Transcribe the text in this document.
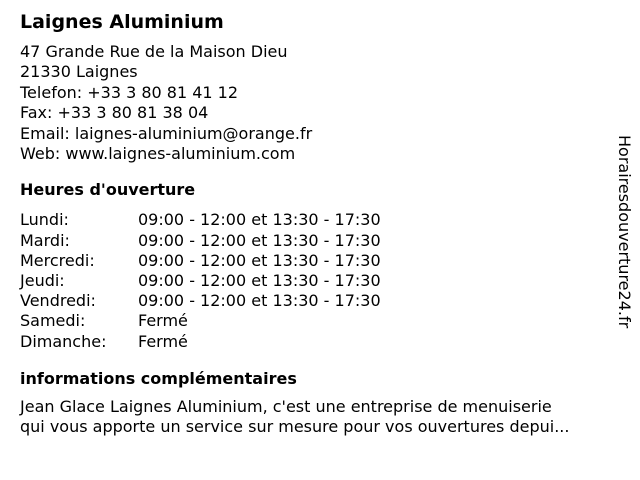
Laignes Aluminium
47 Grande Rue de la Maison Dieu
21330 Laignes
Telefon: +33 3 80 81 41 12
Fax: +33 3 80 81 38 04
Email: laignes-aluminium@orange.fr
Web: www.laignes-aluminium.com
Heures d'ouverture
Lundi:	09:00 - 12:00 et 13:30 - 17:30
Mardi:	09:00 - 12:00 et 13:30 - 17:30
Mercredi:	09:00 - 12:00 et 13:30 - 17:30
Jeudi:	09:00 - 12:00 et 13:30 - 17:30
Vendredi:	09:00 - 12:00 et 13:30 - 17:30
Samedi:	Fermé
Dimanche: Fermé
informations complémentaires
Jean Glace Laignes Aluminium, c'est une entreprise de menuiserie
qui vous apporte un service sur mesure pour vos ouvertures depui...
Horairesdouverture24.fr
